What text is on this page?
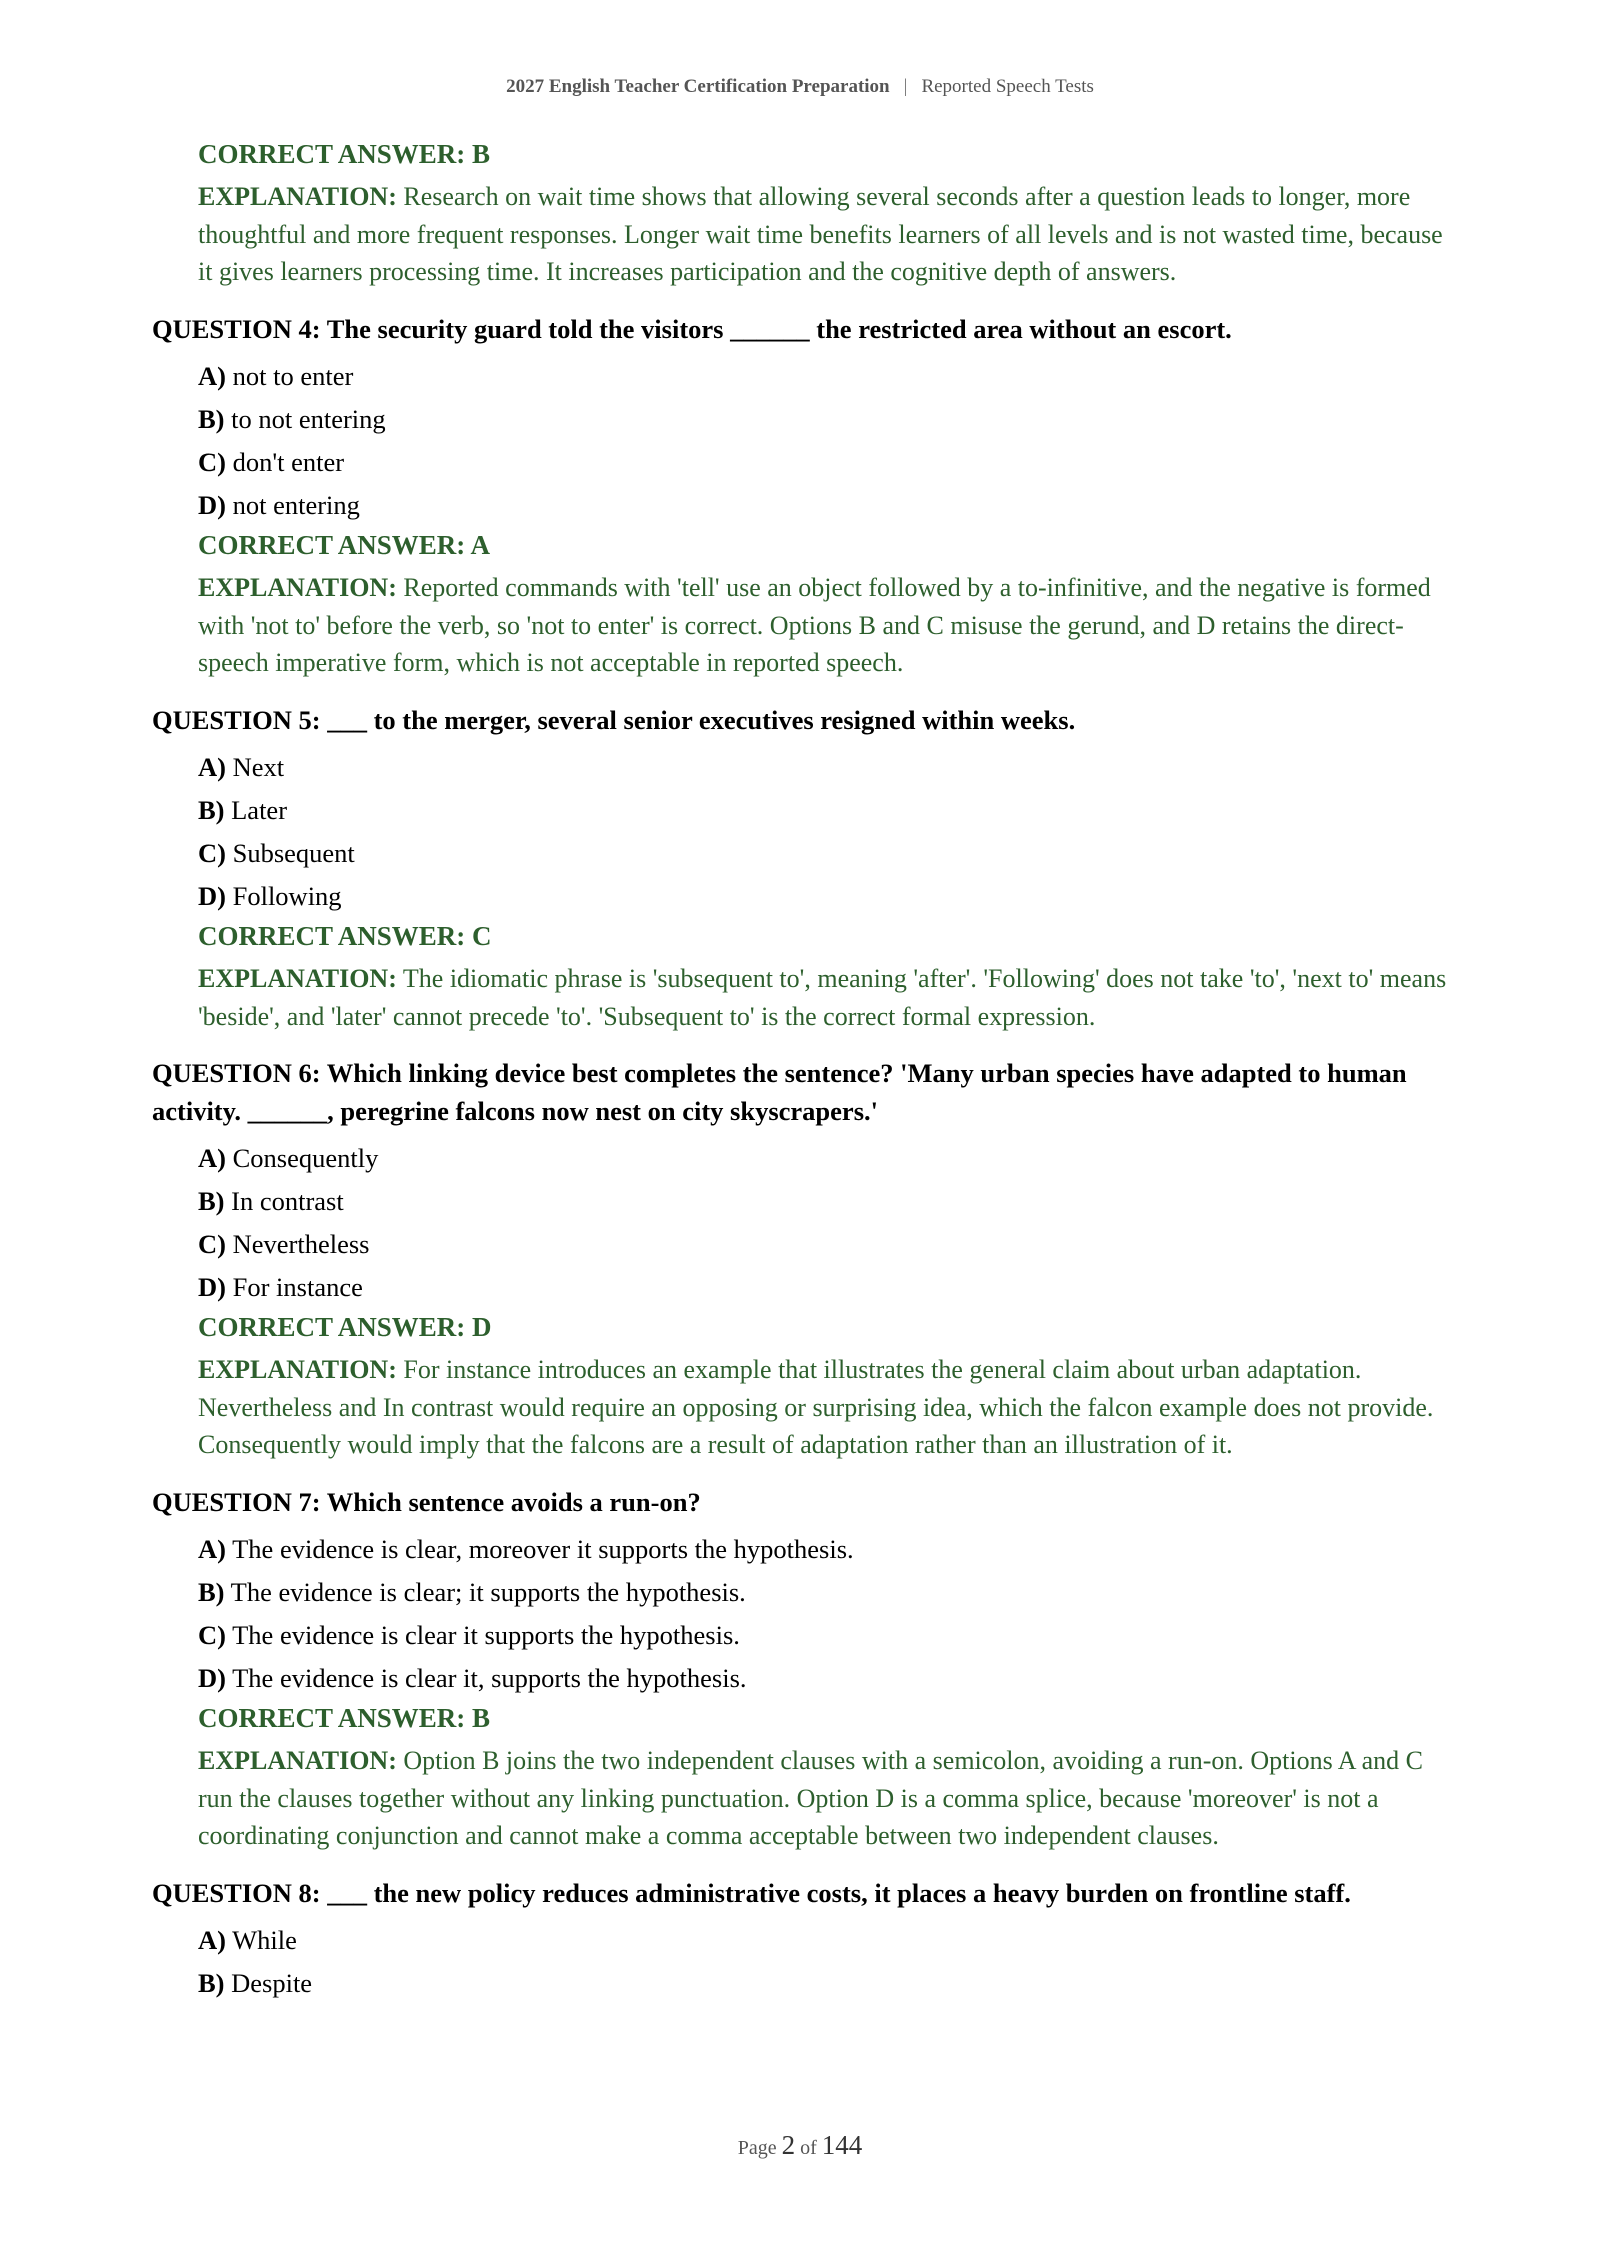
2027 English Teacher Certification Preparation | Reported Speech Tests

CORRECT ANSWER: B

EXPLANATION: Research on wait time shows that allowing several seconds after a question leads to longer, more thoughtful and more frequent responses. Longer wait time benefits learners of all levels and is not wasted time, because it gives learners processing time. It increases participation and the cognitive depth of answers.

QUESTION 4: The security guard told the visitors ______ the restricted area without an escort.

A) not to enter
B) to not entering
C) don't enter
D) not entering

CORRECT ANSWER: A

EXPLANATION: Reported commands with 'tell' use an object followed by a to-infinitive, and the negative is formed with 'not to' before the verb, so 'not to enter' is correct. Options B and C misuse the gerund, and D retains the direct-speech imperative form, which is not acceptable in reported speech.

QUESTION 5: ___ to the merger, several senior executives resigned within weeks.

A) Next
B) Later
C) Subsequent
D) Following

CORRECT ANSWER: C

EXPLANATION: The idiomatic phrase is 'subsequent to', meaning 'after'. 'Following' does not take 'to', 'next to' means 'beside', and 'later' cannot precede 'to'. 'Subsequent to' is the correct formal expression.

QUESTION 6: Which linking device best completes the sentence? 'Many urban species have adapted to human activity. ______, peregrine falcons now nest on city skyscrapers.'

A) Consequently
B) In contrast
C) Nevertheless
D) For instance

CORRECT ANSWER: D

EXPLANATION: For instance introduces an example that illustrates the general claim about urban adaptation. Nevertheless and In contrast would require an opposing or surprising idea, which the falcon example does not provide. Consequently would imply that the falcons are a result of adaptation rather than an illustration of it.

QUESTION 7: Which sentence avoids a run-on?

A) The evidence is clear, moreover it supports the hypothesis.
B) The evidence is clear; it supports the hypothesis.
C) The evidence is clear it supports the hypothesis.
D) The evidence is clear it, supports the hypothesis.

CORRECT ANSWER: B

EXPLANATION: Option B joins the two independent clauses with a semicolon, avoiding a run-on. Options A and C run the clauses together without any linking punctuation. Option D is a comma splice, because 'moreover' is not a coordinating conjunction and cannot make a comma acceptable between two independent clauses.

QUESTION 8: ___ the new policy reduces administrative costs, it places a heavy burden on frontline staff.

A) While
B) Despite
Page 2 of 144
